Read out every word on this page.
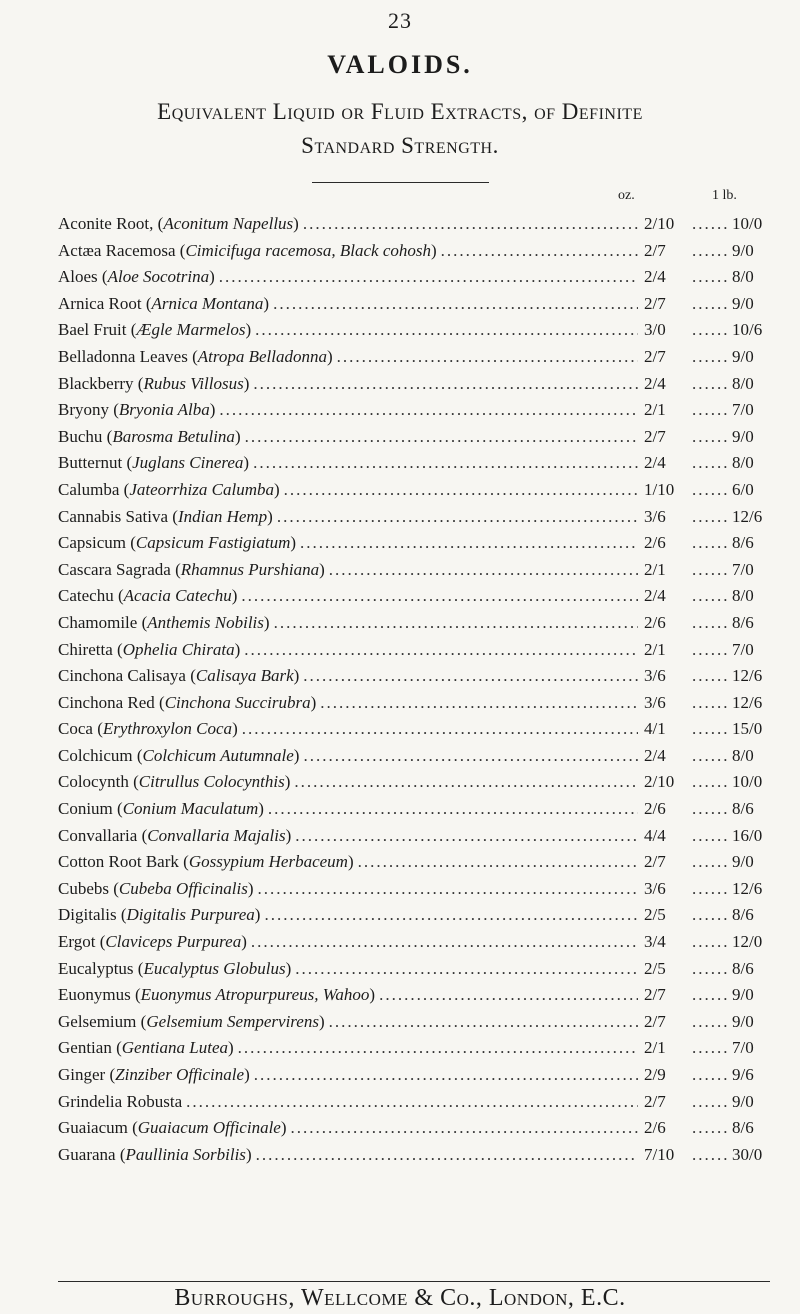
23
VALOIDS.
Equivalent Liquid or Fluid Extracts, of Definite
Standard Strength.
oz.	1 lb.
Aconite Root, (Aconitum Napellus) .....	2/10 ......	10/0
Actæa Racemosa (Cimicifuga racemosa, Black cohosh) .....	2/7 ......	9/0
Aloes (Aloe Socotrina) .....	2/4 ......	8/0
Arnica Root (Arnica Montana) .....	2/7 ......	9/0
Bael Fruit (Ægle Marmelos) .....	3/0 ......	10/6
Belladonna Leaves (Atropa Belladonna) .....	2/7 ......	9/0
Blackberry (Rubus Villosus) .....	2/4 ......	8/0
Bryony (Bryonia Alba) .....	2/1 ......	7/0
Buchu (Barosma Betulina) .....	2/7 ......	9/0
Butternut (Juglans Cinerea) .....	2/4 ......	8/0
Calumba (Jateorrhiza Calumba) .....	1/10 ......	6/0
Cannabis Sativa (Indian Hemp) .....	3/6 ......	12/6
Capsicum (Capsicum Fastigiatum) .....	2/6 ......	8/6
Cascara Sagrada (Rhamnus Purshiana) .....	2/1 ......	7/0
Catechu (Acacia Catechu) .....	2/4 ......	8/0
Chamomile (Anthemis Nobilis) .....	2/6 ......	8/6
Chiretta (Ophelia Chirata) .....	2/1 ......	7/0
Cinchona Calisaya (Calisaya Bark) .....	3/6 ......	12/6
Cinchona Red (Cinchona Succirubra) .....	3/6 ......	12/6
Coca (Erythroxylon Coca) .....	4/1 ......	15/0
Colchicum (Colchicum Autumnale) .....	2/4 ......	8/0
Colocynth (Citrullus Colocynthis) .....	2/10 ......	10/0
Conium (Conium Maculatum) .....	2/6 ......	8/6
Convallaria (Convallaria Majalis) .....	4/4 ......	16/0
Cotton Root Bark (Gossypium Herbaceum) .....	2/7 ......	9/0
Cubebs (Cubeba Officinalis) .....	3/6 ......	12/6
Digitalis (Digitalis Purpurea) .....	2/5 ......	8/6
Ergot (Claviceps Purpurea) .....	3/4 ......	12/0
Eucalyptus (Eucalyptus Globulus) .....	2/5 ......	8/6
Euonymus (Euonymus Atropurpureus, Wahoo) .....	2/7 ......	9/0
Gelsemium (Gelsemium Sempervirens) .....	2/7 ......	9/0
Gentian (Gentiana Lutea) .....	2/1 ......	7/0
Ginger (Zinziber Officinale) .....	2/9 ......	9/6
Grindelia Robusta .....	2/7 ......	9/0
Guaiacum (Guaiacum Officinale) .....	2/6 ......	8/6
Guarana (Paullinia Sorbilis) .....	7/10 ......	30/0
Burroughs, Wellcome & Co., London, E.C.
